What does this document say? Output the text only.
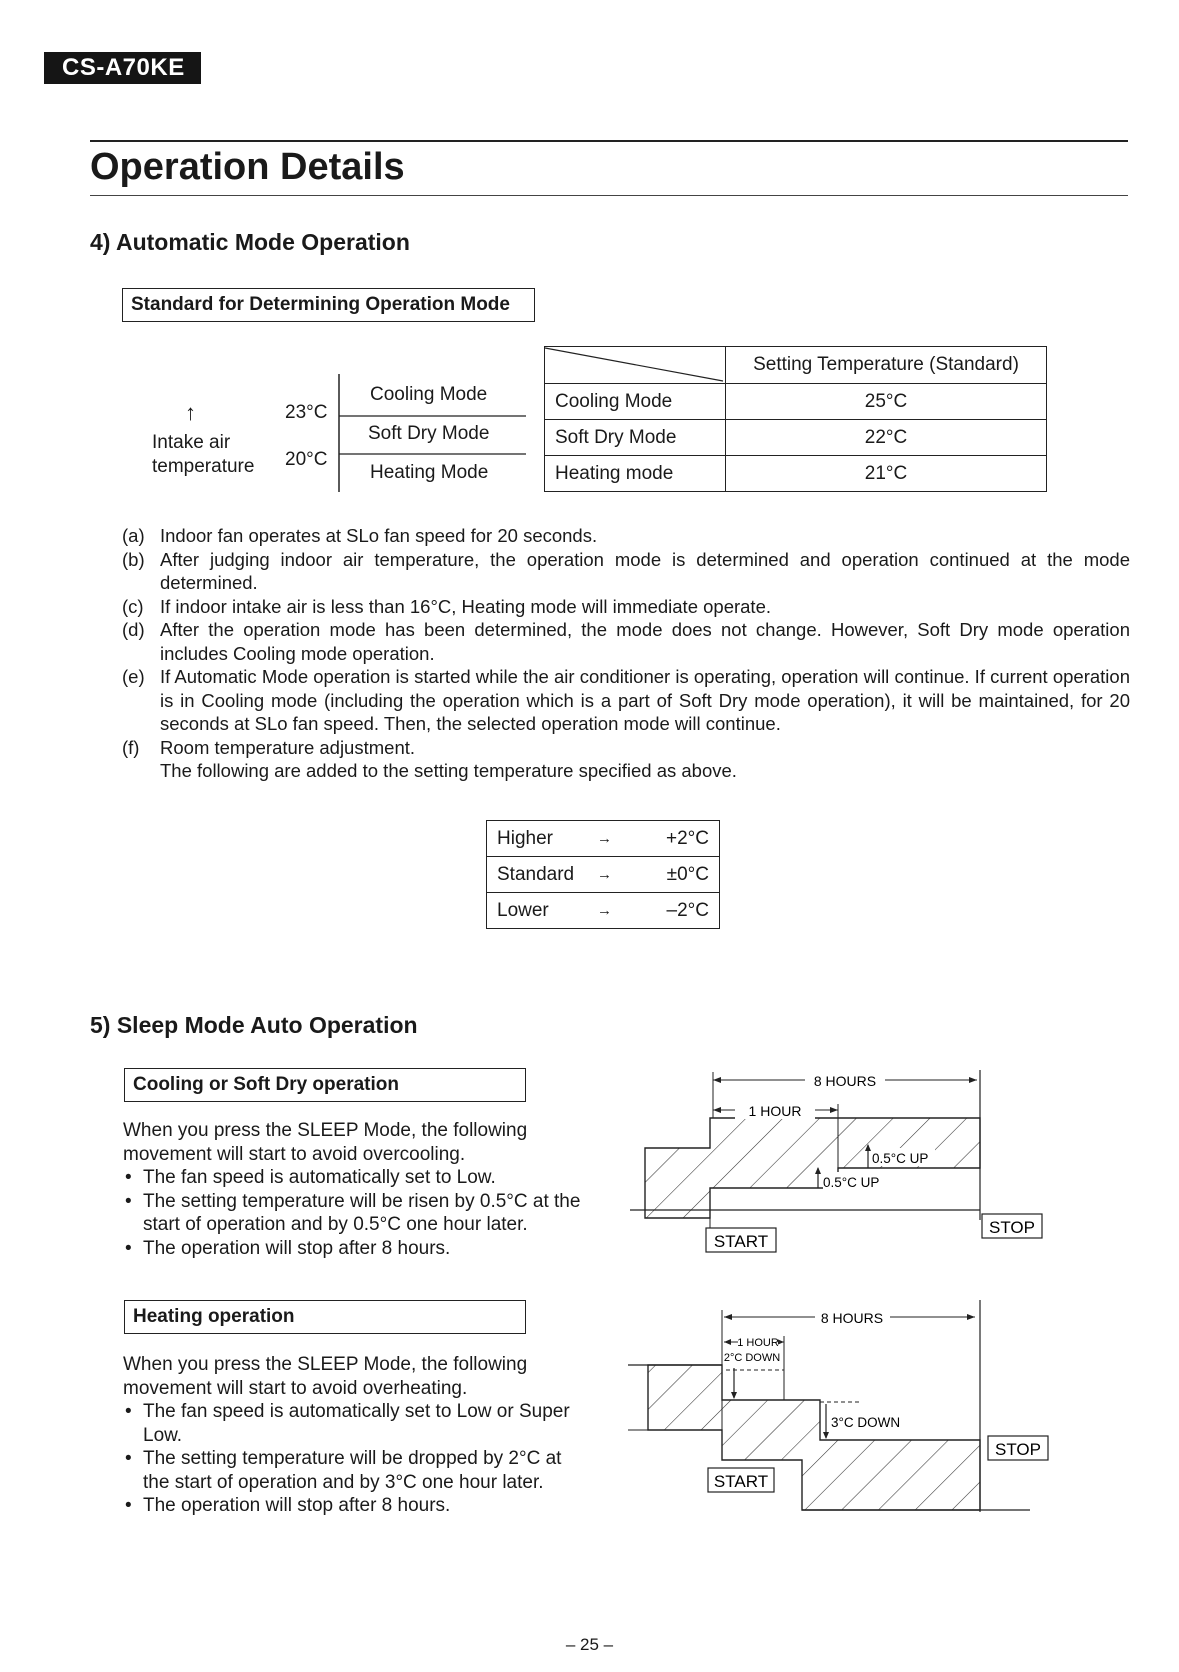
CS-A70KE
Operation Details
4) Automatic Mode Operation
Standard for Determining Operation Mode
↑
Intake air
temperature
23°C
20°C
Cooling Mode
Soft Dry Mode
Heating Mode
	Setting Temperature (Standard)
Cooling Mode	25°C
Soft Dry Mode	22°C
Heating mode	21°C
(a) Indoor fan operates at SLo fan speed for 20 seconds.
(b) After judging indoor air temperature, the operation mode is determined and operation continued at the mode determined.
(c) If indoor intake air is less than 16°C, Heating mode will immediate operate.
(d) After the operation mode has been determined, the mode does not change. However, Soft Dry mode operation includes Cooling mode operation.
(e) If Automatic Mode operation is started while the air conditioner is operating, operation will continue. If current operation is in Cooling mode (including the operation which is a part of Soft Dry mode operation), it will be maintained, for 20 seconds at SLo fan speed. Then, the selected operation mode will continue.
(f)	Room temperature adjustment.
The following are added to the setting temperature specified as above.
Higher	→	+2°C
Standard	→	±0°C
Lower	→	–2°C
5) Sleep Mode Auto Operation
Cooling or Soft Dry operation
When you press the SLEEP Mode, the following movement will start to avoid overcooling.
• The fan speed is automatically set to Low.
• The setting temperature will be risen by 0.5°C at the start of operation and by 0.5°C one hour later.
• The operation will stop after 8 hours.
8 HOURS
1 HOUR
0.5°C UP
0.5°C UP
START
STOP
Heating operation
When you press the SLEEP Mode, the following movement will start to avoid overheating.
• The fan speed is automatically set to Low or Super Low.
• The setting temperature will be dropped by 2°C at the start of operation and by 3°C one hour later.
• The operation will stop after 8 hours.
8 HOURS
1 HOUR
2°C DOWN
3°C DOWN
START
STOP
– 25 –
